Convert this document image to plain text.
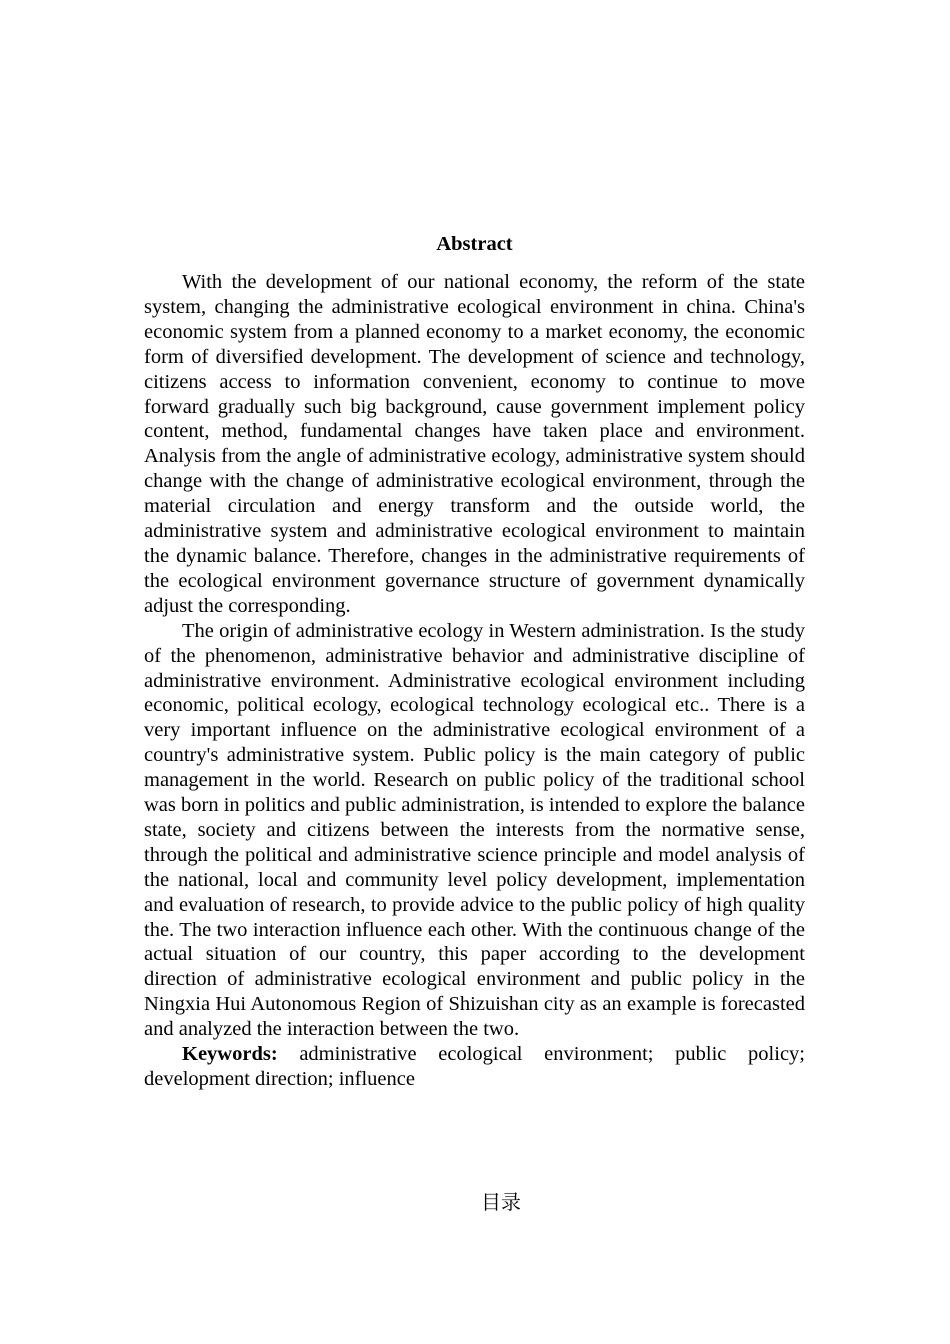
Abstract

With the development of our national economy, the reform of the state system, changing the administrative ecological environment in china. China's economic system from a planned economy to a market economy, the economic form of diversified development. The development of science and technology, citizens access to information convenient, economy to continue to move forward gradually such big background, cause government implement policy content, method, fundamental changes have taken place and environment. Analysis from the angle of administrative ecology, administrative system should change with the change of administrative ecological environment, through the material circulation and energy transform and the outside world, the administrative system and administrative ecological environment to maintain the dynamic balance. Therefore, changes in the administrative requirements of the ecological environment governance structure of government dynamically adjust the corresponding.

The origin of administrative ecology in Western administration. Is the study of the phenomenon, administrative behavior and administrative discipline of administrative environment. Administrative ecological environment including economic, political ecology, ecological technology ecological etc.. There is a very important influence on the administrative ecological environment of a country's administrative system. Public policy is the main category of public management in the world. Research on public policy of the traditional school was born in politics and public administration, is intended to explore the balance state, society and citizens between the interests from the normative sense, through the political and administrative science principle and model analysis of the national, local and community level policy development, implementation and evaluation of research, to provide advice to the public policy of high quality the. The two interaction influence each other. With the continuous change of the actual situation of our country, this paper according to the development direction of administrative ecological environment and public policy in the Ningxia Hui Autonomous Region of Shizuishan city as an example is forecasted and analyzed the interaction between the two.

Keywords: administrative ecological environment; public policy; development direction; influence

目录
